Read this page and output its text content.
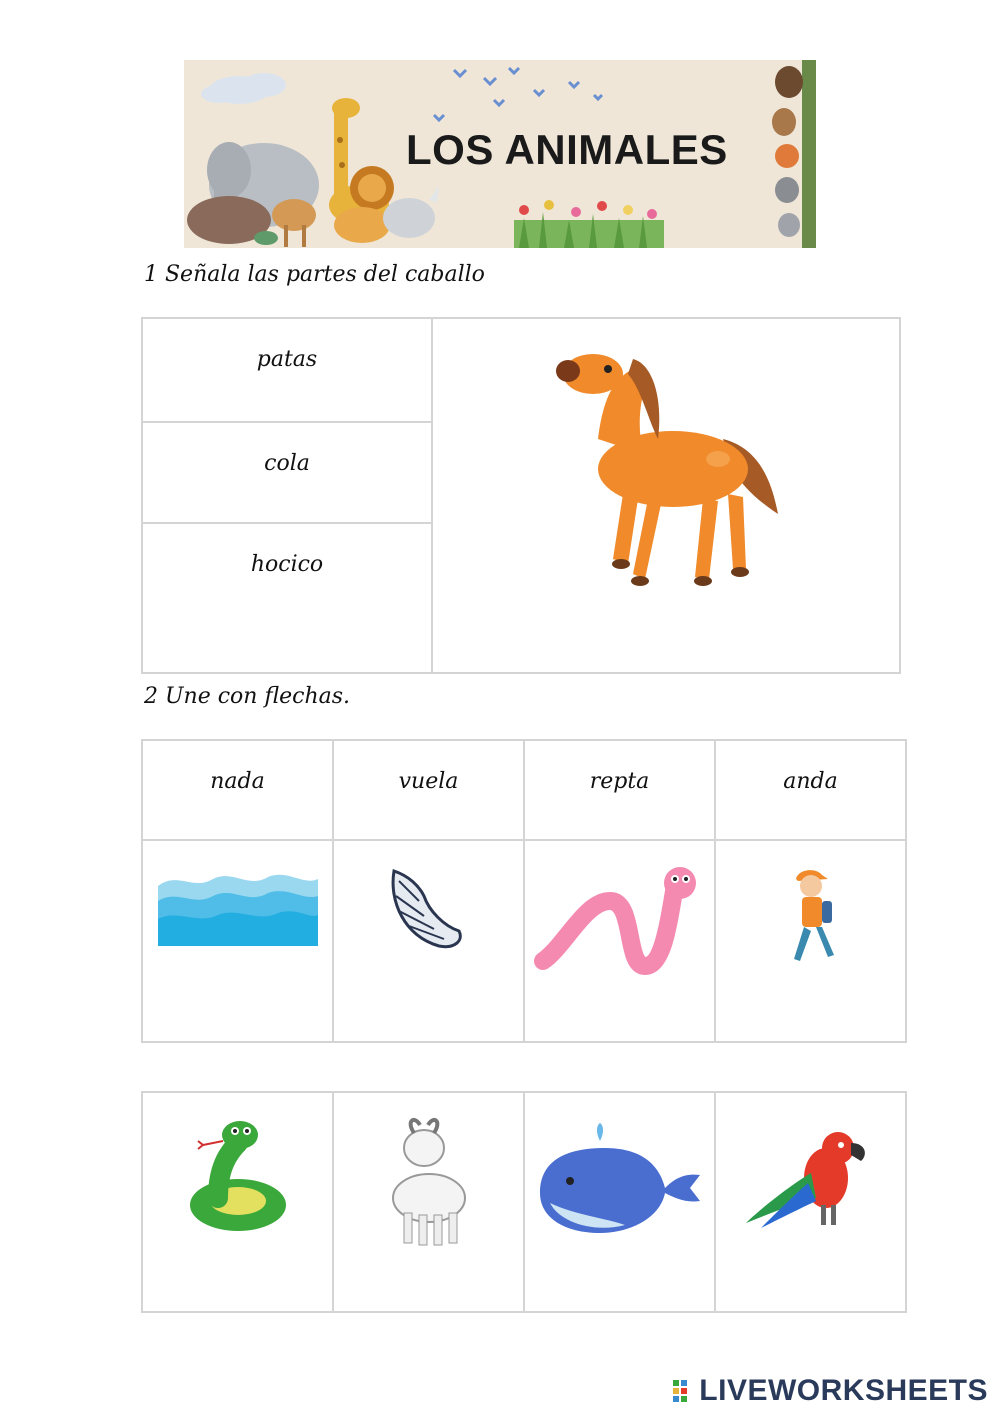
LOS ANIMALES
1 Señala las partes del caballo
patas

cola

hocico
2 Une con flechas.
nada	vuela	repta	anda

LIVEWORKSHEETS
